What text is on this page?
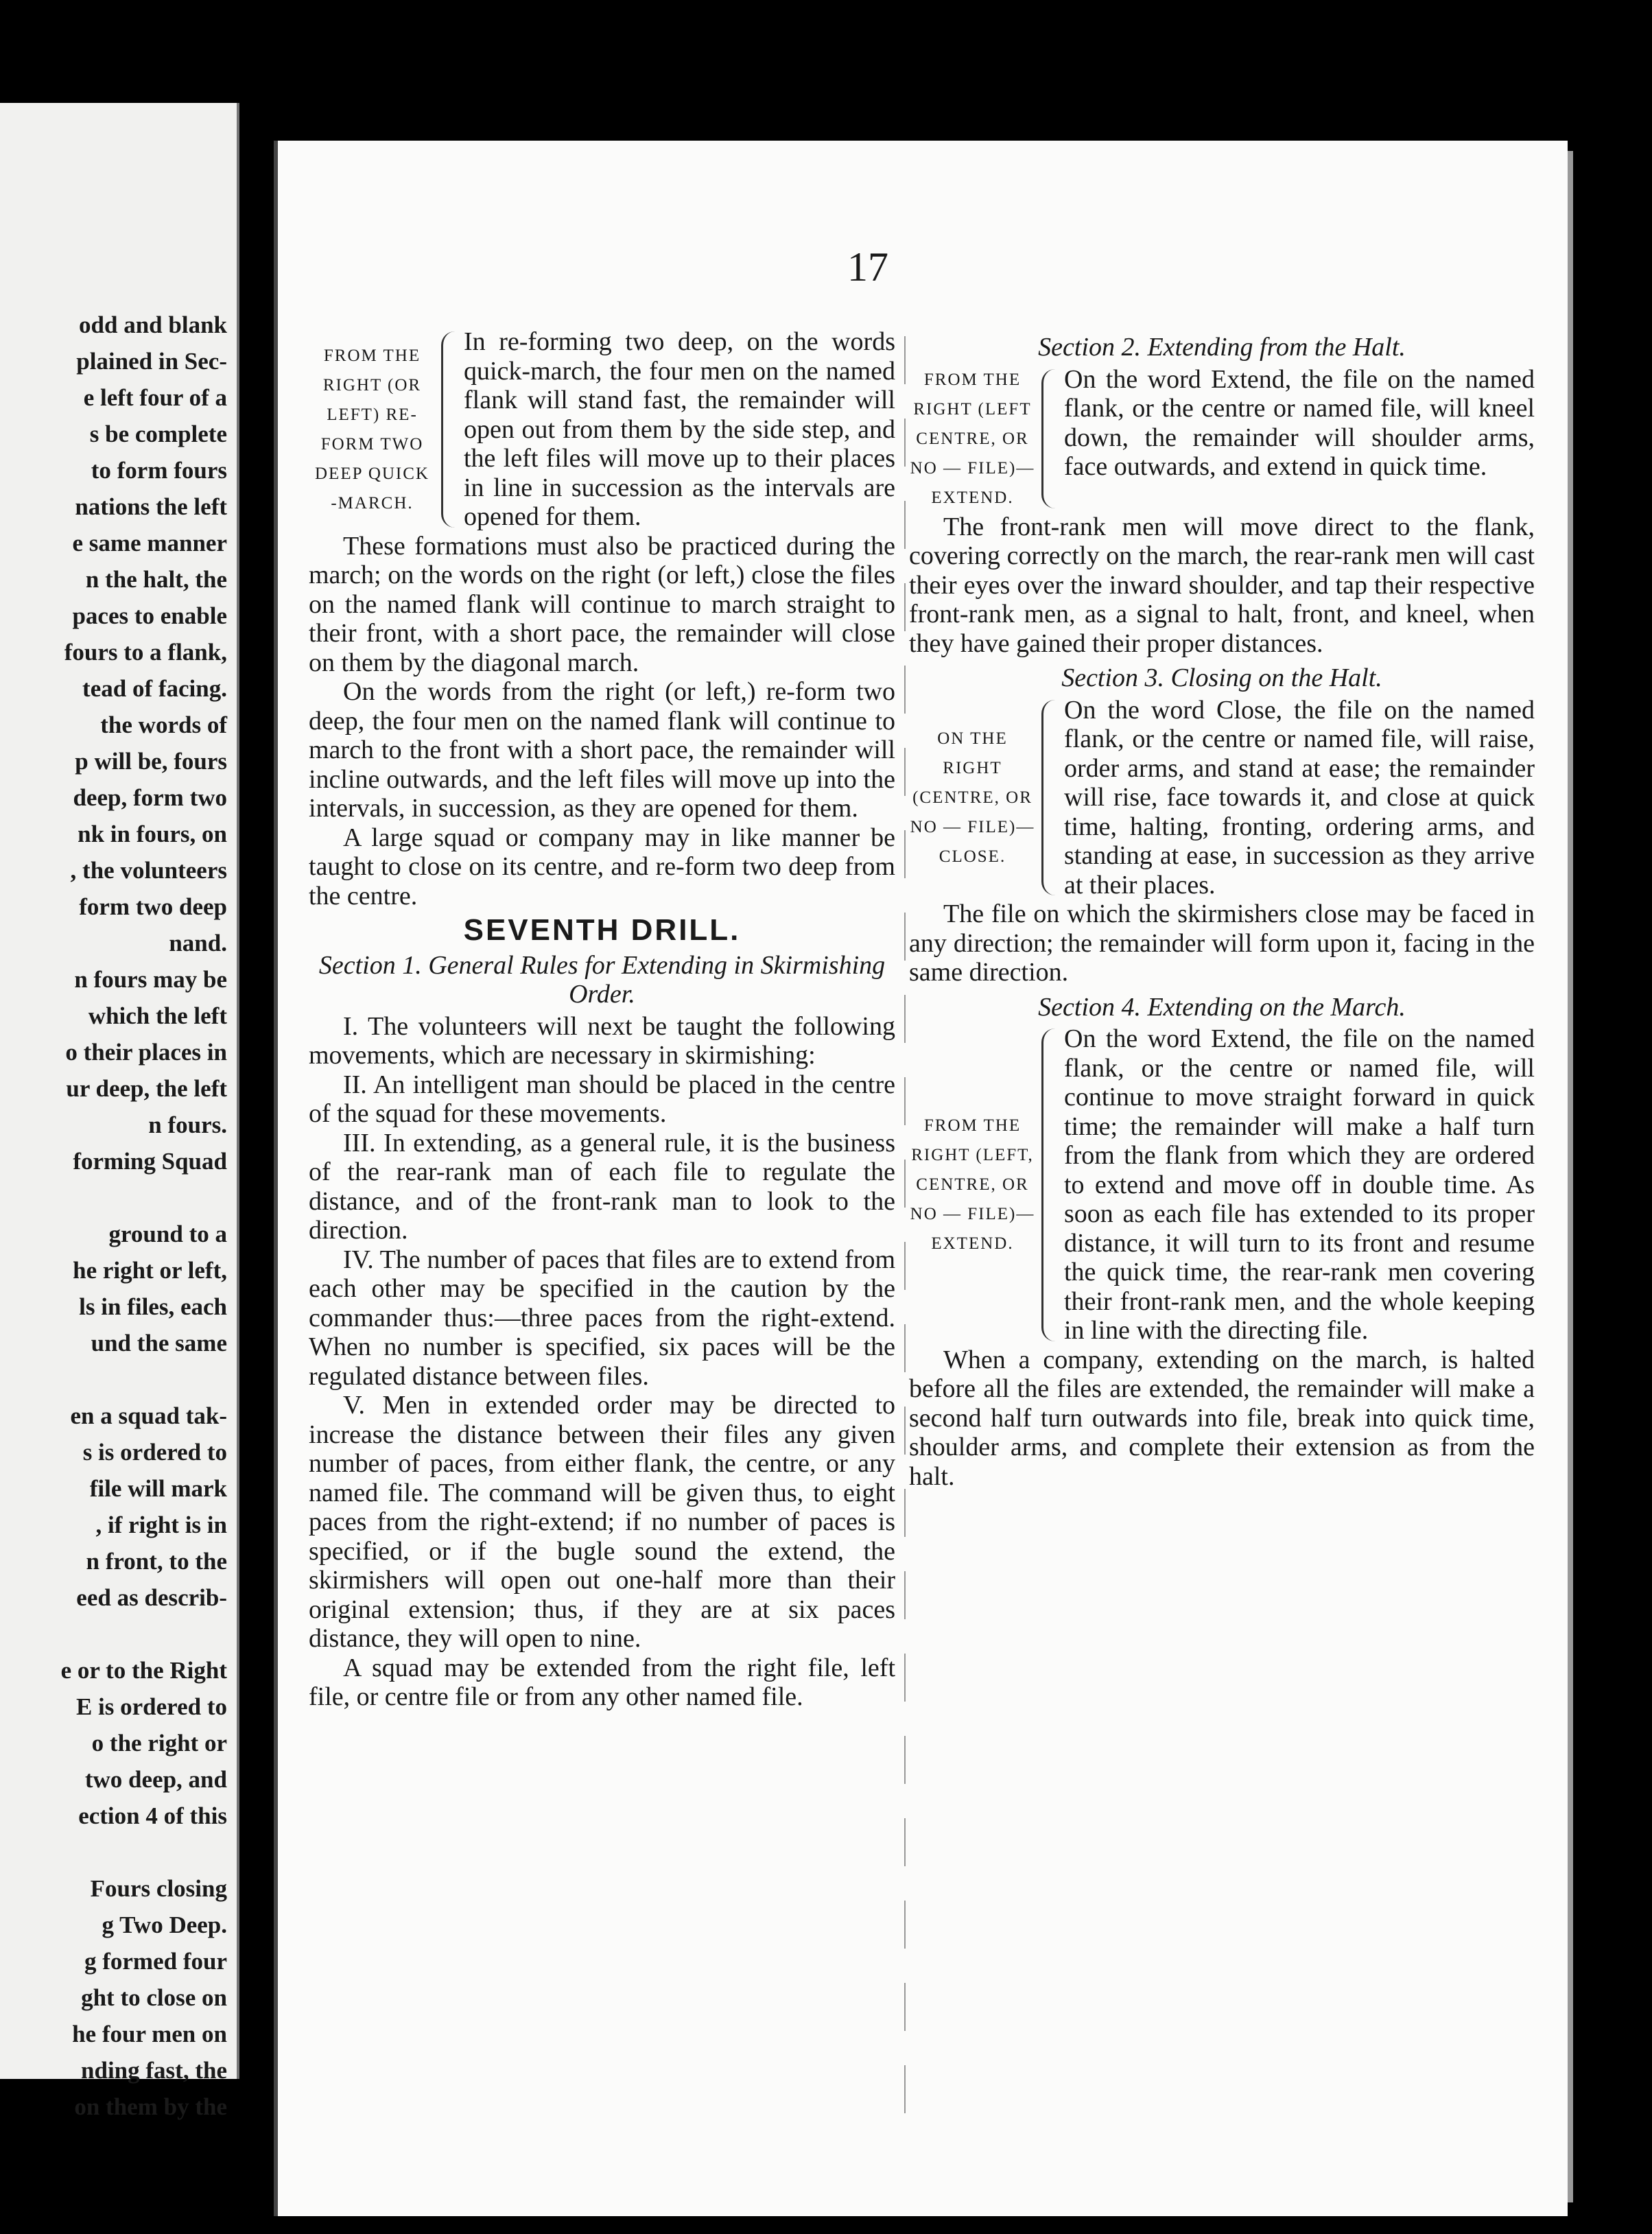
odd and blank
plained in Sec-
e left four of a
s be complete
to form fours
nations the left
e same manner
n the halt, the
paces to enable
fours to a flank,
tead of facing.
the words of
p will be, fours
deep, form two
nk in fours, on
, the volunteers
form two deep
nand.
n fours may be
which the left
o their places in
ur deep, the left
n fours.
forming Squad
ground to a
he right or left,
ls in files, each
und the same
en a squad tak-
s is ordered to
file will mark
, if right is in
n front, to the
eed as describ-
e or to the Right
E is ordered to
o the right or
two deep, and
ection 4 of this
Fours closing
g Two Deep.
g formed four
ght to close on
he four men on
nding fast, the
on them by the
17
FROM THE RIGHT (OR LEFT) RE-FORM TWO DEEP QUICK -MARCH.
In re-forming two deep, on the words quick-march, the four men on the named flank will stand fast, the remainder will open out from them by the side step, and the left files will move up to their places in line in succession as the intervals are opened for them.

These formations must also be practiced during the march; on the words on the right (or left,) close the files on the named flank will continue to march straight to their front, with a short pace, the remainder will close on them by the diagonal march.

On the words from the right (or left,) re-form two deep, the four men on the named flank will continue to march to the front with a short pace, the remainder will incline outwards, and the left files will move up into the intervals, in succession, as they are opened for them.

A large squad or company may in like manner be taught to close on its centre, and re-form two deep from the centre.

SEVENTH DRILL.
Section 1. General Rules for Extending in Skirmishing Order.

I. The volunteers will next be taught the following movements, which are necessary in skirmishing:

II. An intelligent man should be placed in the centre of the squad for these movements.

III. In extending, as a general rule, it is the business of the rear-rank man of each file to regulate the distance, and of the front-rank man to look to the direction.

IV. The number of paces that files are to extend from each other may be specified in the caution by the commander thus:—three paces from the right-extend. When no number is specified, six paces will be the regulated distance between files.

V. Men in extended order may be directed to increase the distance between their files any given number of paces, from either flank, the centre, or any named file. The command will be given thus, to eight paces from the right-extend; if no number of paces is specified, or if the bugle sound the extend, the skirmishers will open out one-half more than their original extension; thus, if they are at six paces distance, they will open to nine.

A squad may be extended from the right file, left file, or centre file or from any other named file.

Section 2. Extending from the Halt.
FROM THE RIGHT (LEFT CENTRE, OR NO — FILE)— EXTEND.
On the word Extend, the file on the named flank, or the centre or named file, will kneel down, the remainder will shoulder arms, face outwards, and extend in quick time.

The front-rank men will move direct to the flank, covering correctly on the march, the rear-rank men will cast their eyes over the inward shoulder, and tap their respective front-rank men, as a signal to halt, front, and kneel, when they have gained their proper distances.

Section 3. Closing on the Halt.
ON THE RIGHT (CENTRE, OR NO — FILE)— CLOSE.
On the word Close, the file on the named flank, or the centre or named file, will raise, order arms, and stand at ease; the remainder will rise, face towards it, and close at quick time, halting, fronting, ordering arms, and standing at ease, in succession as they arrive at their places.

The file on which the skirmishers close may be faced in any direction; the remainder will form upon it, facing in the same direction.

Section 4. Extending on the March.
FROM THE RIGHT (LEFT, CENTRE, OR NO — FILE)— EXTEND.
On the word Extend, the file on the named flank, or the centre or named file, will continue to move straight forward in quick time; the remainder will make a half turn from the flank from which they are ordered to extend and move off in double time. As soon as each file has extended to its proper distance, it will turn to its front and resume the quick time, the rear-rank men covering their front-rank men, and the whole keeping in line with the directing file.

When a company, extending on the march, is halted before all the files are extended, the remainder will make a second half turn outwards into file, break into quick time, shoulder arms, and complete their extension as from the halt.
